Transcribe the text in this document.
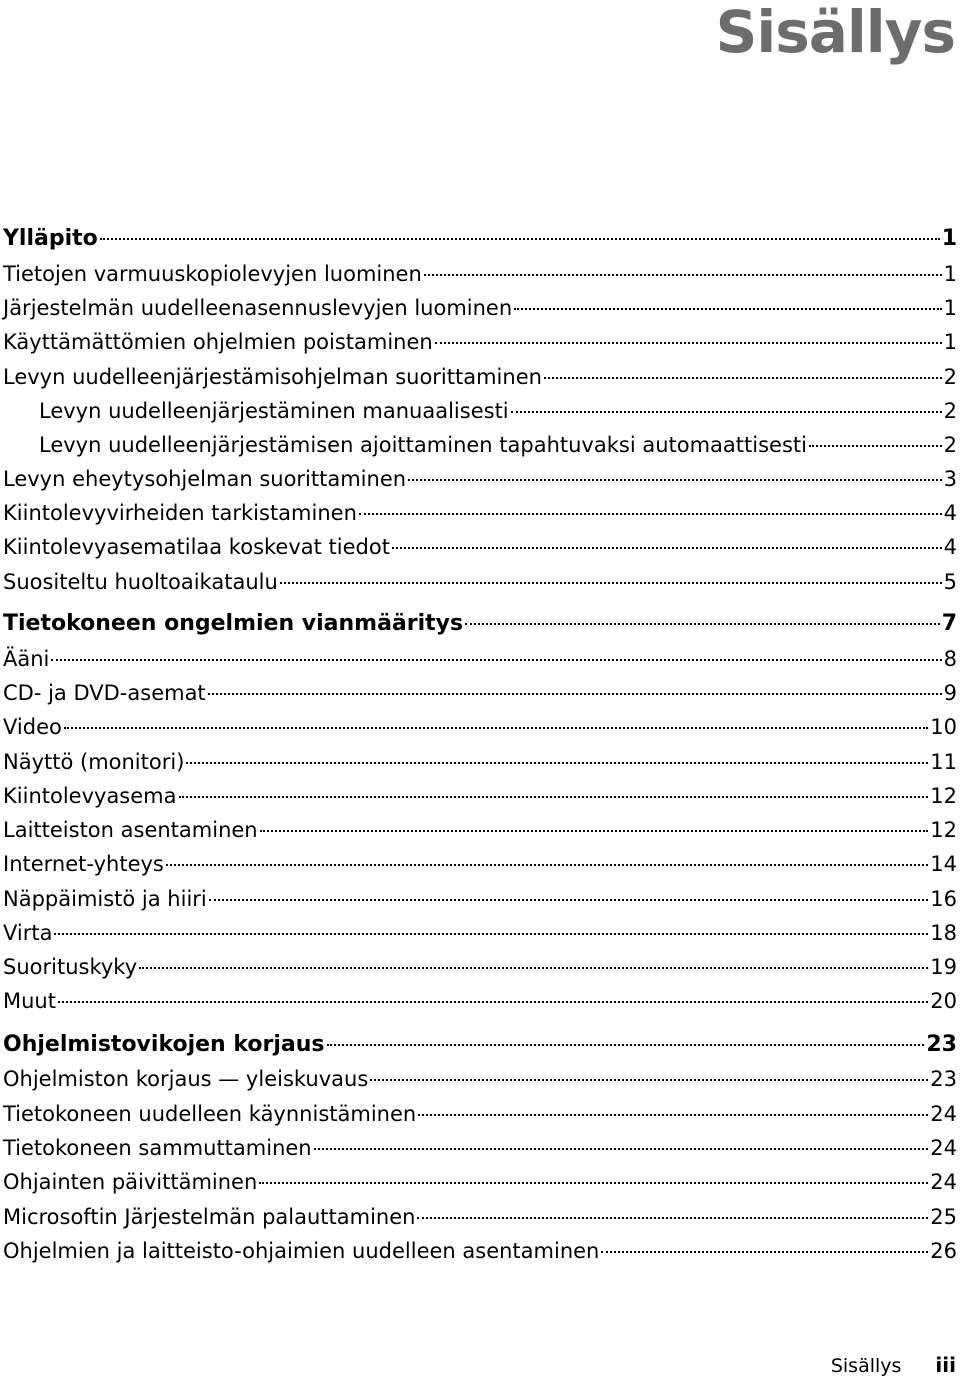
Sisällys
Ylläpito	1
Tietojen varmuuskopiolevyjen luominen	1
Järjestelmän uudelleenasennuslevyjen luominen	1
Käyttämättömien ohjelmien poistaminen	1
Levyn uudelleenjärjestämisohjelman suorittaminen	2
Levyn uudelleenjärjestäminen manuaalisesti	2
Levyn uudelleenjärjestämisen ajoittaminen tapahtuvaksi automaattisesti	2
Levyn eheytysohjelman suorittaminen	3
Kiintolevyvirheiden tarkistaminen	4
Kiintolevyasematilaa koskevat tiedot	4
Suositeltu huoltoaikataulu	5
Tietokoneen ongelmien vianmääritys	7
Ääni	8
CD- ja DVD-asemat	9
Video	10
Näyttö (monitori)	11
Kiintolevyasema	12
Laitteiston asentaminen	12
Internet-yhteys	14
Näppäimistö ja hiiri	16
Virta	18
Suorituskyky	19
Muut	20
Ohjelmistovikojen korjaus	23
Ohjelmiston korjaus — yleiskuvaus	23
Tietokoneen uudelleen käynnistäminen	24
Tietokoneen sammuttaminen	24
Ohjainten päivittäminen	24
Microsoftin Järjestelmän palauttaminen	25
Ohjelmien ja laitteisto-ohjaimien uudelleen asentaminen	26
Sisällys iii
